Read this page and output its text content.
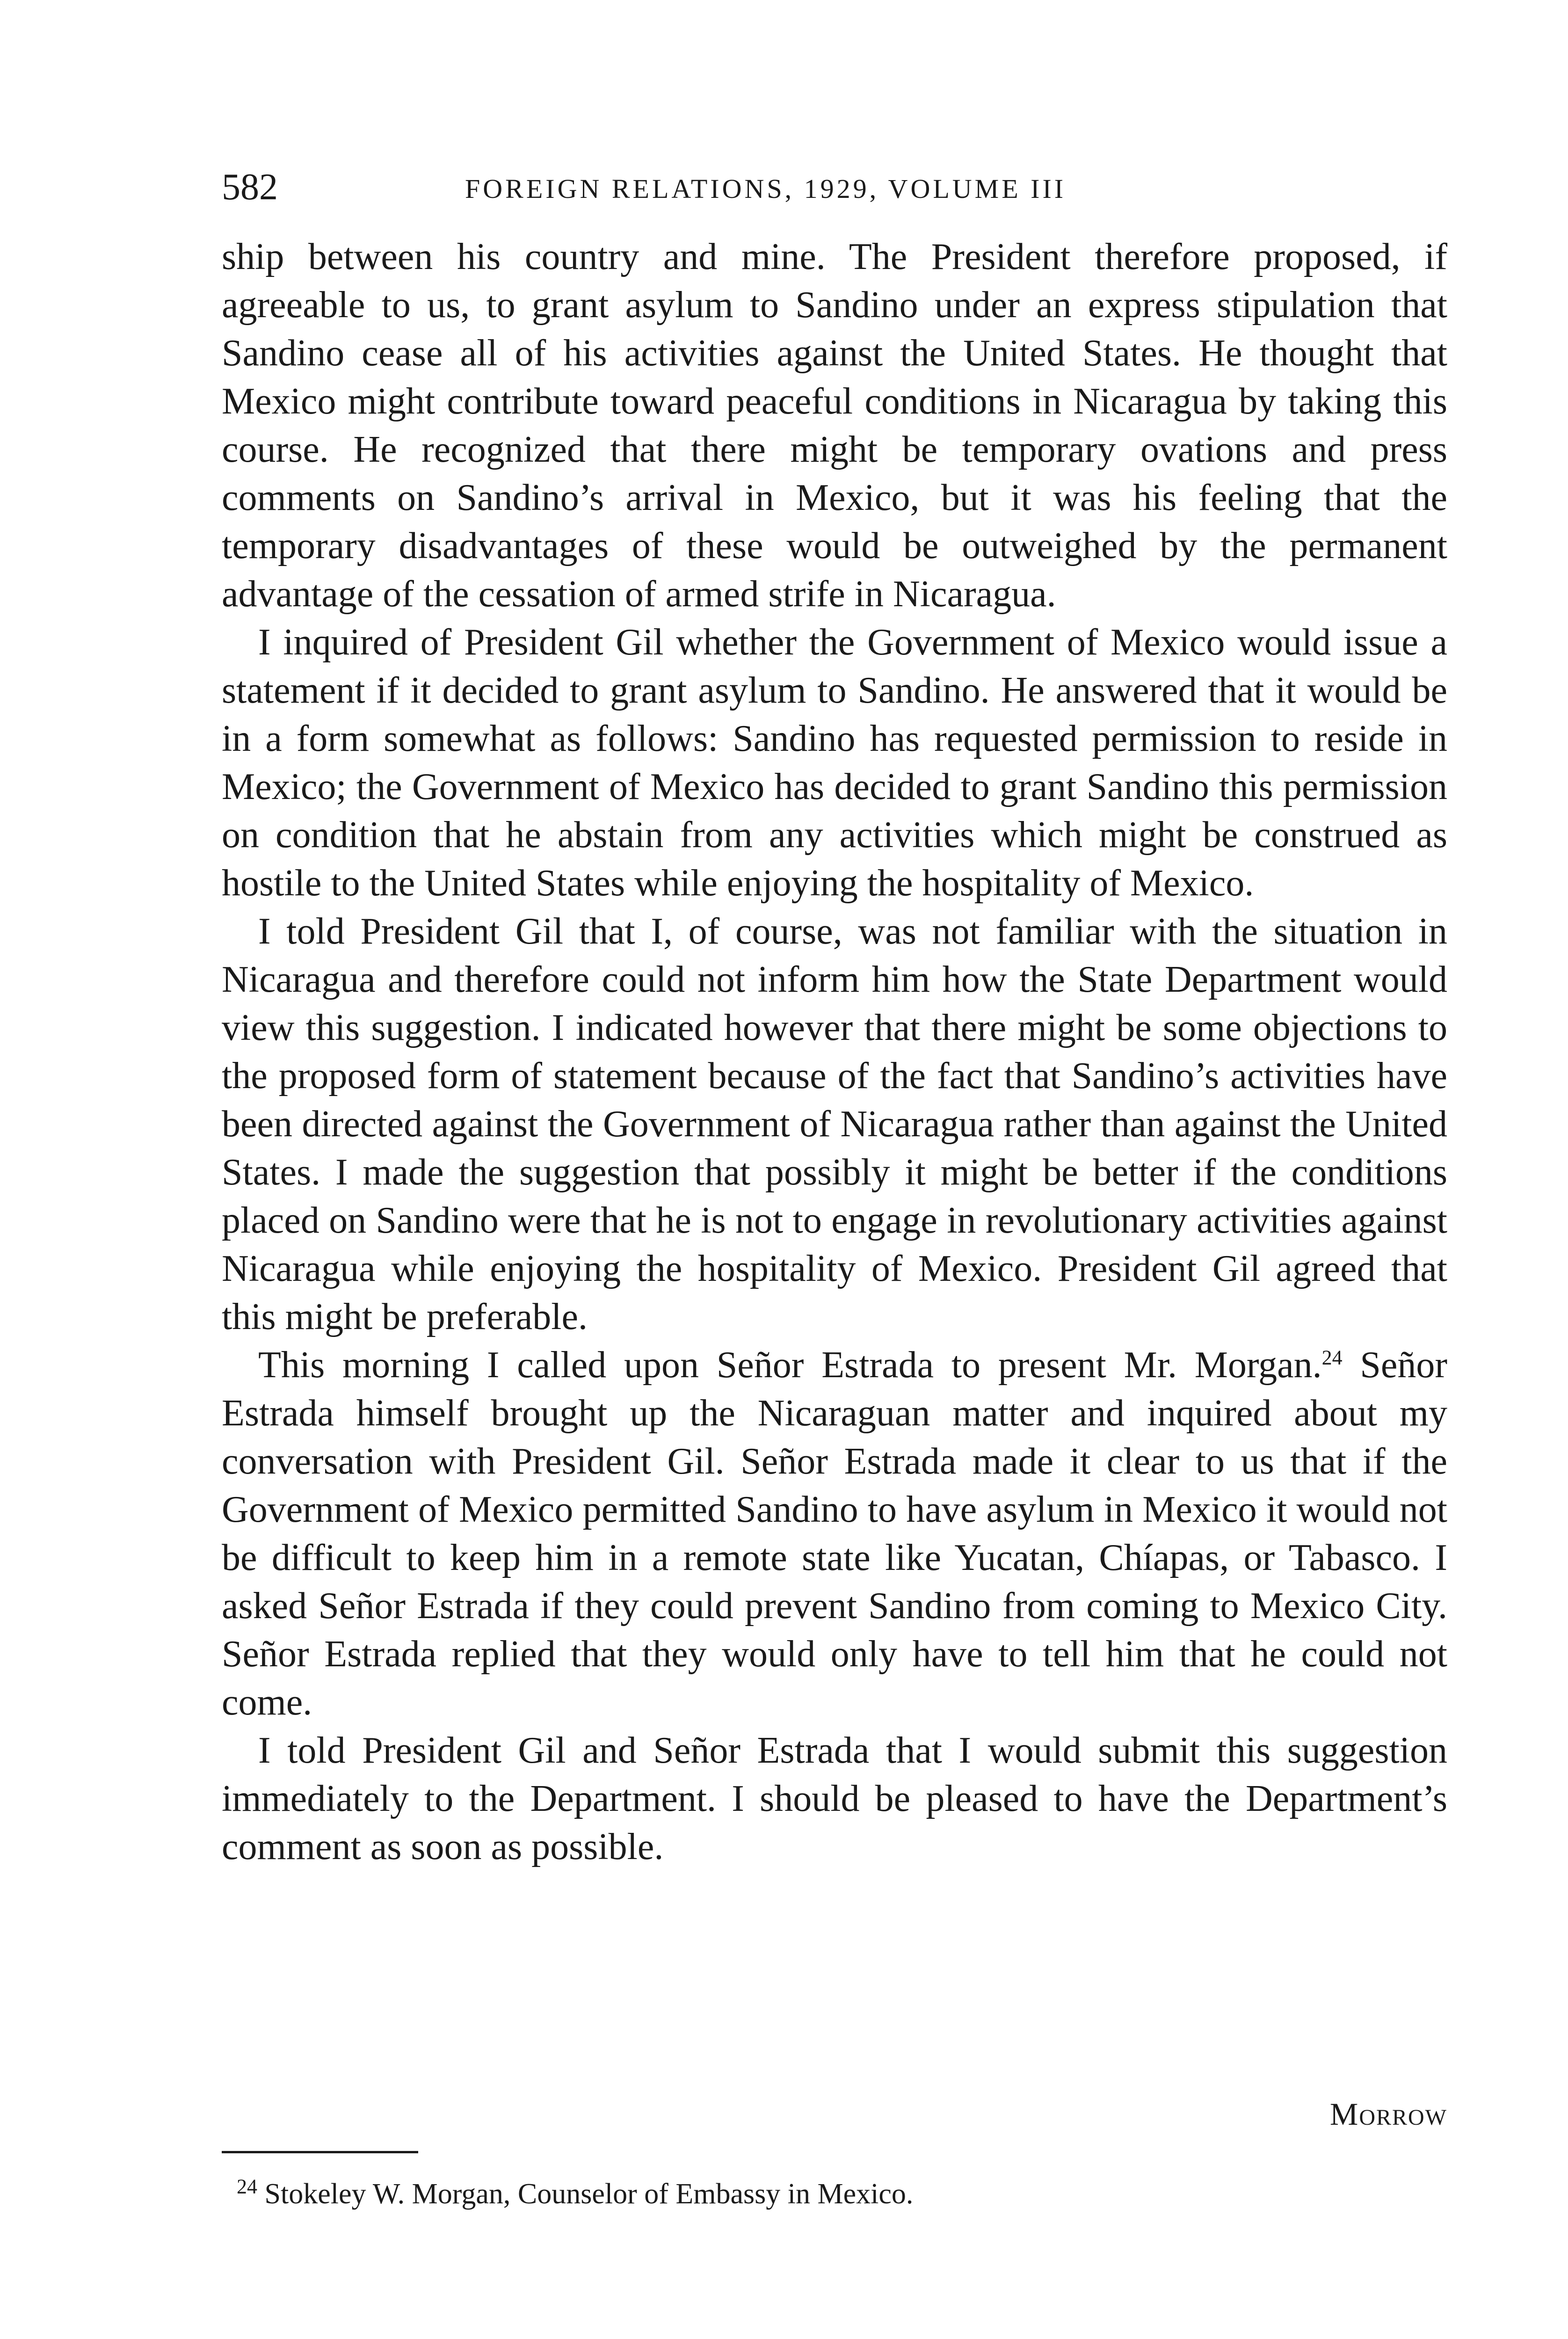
582	FOREIGN RELATIONS, 1929, VOLUME III

ship between his country and mine. The President therefore proposed, if agreeable to us, to grant asylum to Sandino under an express stipulation that Sandino cease all of his activities against the United States. He thought that Mexico might contribute toward peaceful conditions in Nicaragua by taking this course. He recognized that there might be temporary ovations and press comments on Sandino’s arrival in Mexico, but it was his feeling that the temporary disadvantages of these would be outweighed by the permanent advantage of the cessation of armed strife in Nicaragua.

I inquired of President Gil whether the Government of Mexico would issue a statement if it decided to grant asylum to Sandino. He answered that it would be in a form somewhat as follows: Sandino has requested permission to reside in Mexico; the Government of Mexico has decided to grant Sandino this permission on condition that he abstain from any activities which might be construed as hostile to the United States while enjoying the hospitality of Mexico.

I told President Gil that I, of course, was not familiar with the situation in Nicaragua and therefore could not inform him how the State Department would view this suggestion. I indicated however that there might be some objections to the proposed form of statement because of the fact that Sandino’s activities have been directed against the Government of Nicaragua rather than against the United States. I made the suggestion that possibly it might be better if the conditions placed on Sandino were that he is not to engage in revolutionary activities against Nicaragua while enjoying the hospitality of Mexico. President Gil agreed that this might be preferable.

This morning I called upon Señor Estrada to present Mr. Morgan.$^{24}$ Señor Estrada himself brought up the Nicaraguan matter and inquired about my conversation with President Gil. Señor Estrada made it clear to us that if the Government of Mexico permitted Sandino to have asylum in Mexico it would not be difficult to keep him in a remote state like Yucatan, Chíapas, or Tabasco. I asked Señor Estrada if they could prevent Sandino from coming to Mexico City. Señor Estrada replied that they would only have to tell him that he could not come.

I told President Gil and Señor Estrada that I would submit this suggestion immediately to the Department. I should be pleased to have the Department’s comment as soon as possible.

Morrow
$^{24}$ Stokeley W. Morgan, Counselor of Embassy in Mexico.
